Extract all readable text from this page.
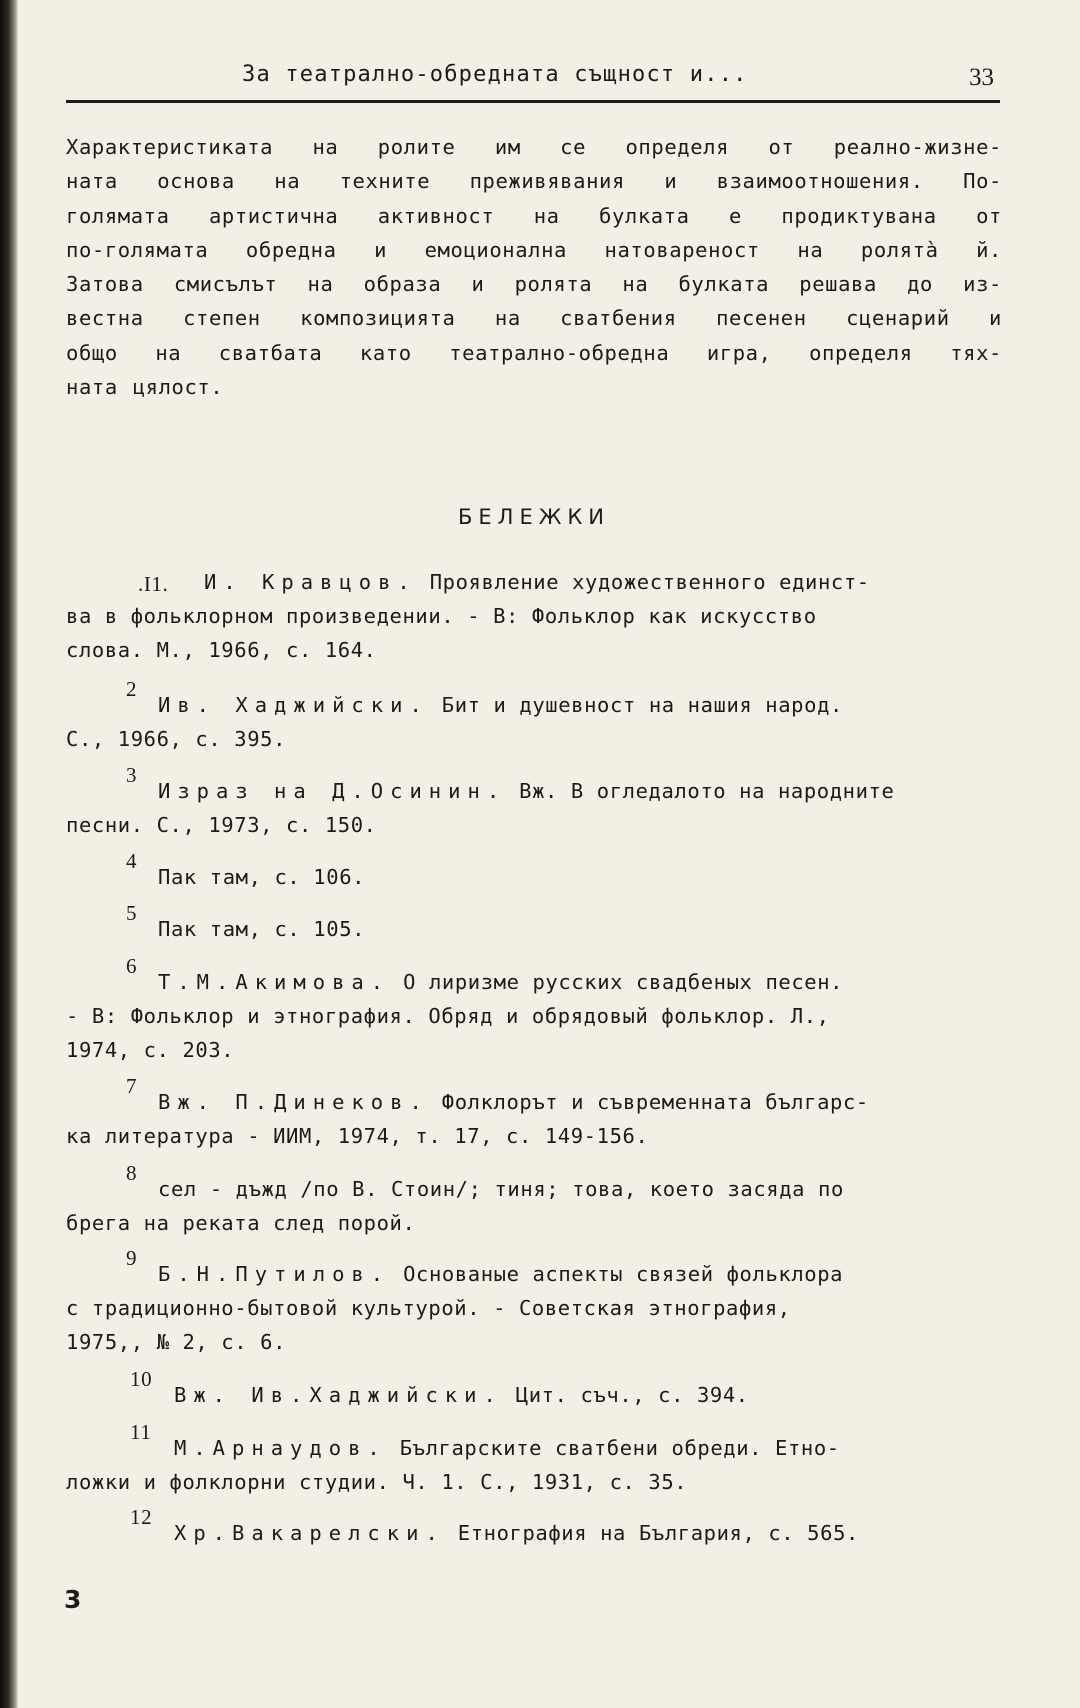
За театрално-обредната същност и...	33
Характеристиката на ролите им се определя от реално-жизне-
ната основа на техните преживявания и взаимоотношения. По-
голямата артистична активност на булката е продиктувана от
по-голямата обредна и емоционална натовареност на ролята̀ й.
Затова смисълът на образа и ролята на булката решава до из-
вестна степен композицията на сватбения песенен сценарий и
общо на сватбата като театрално-обредна игра, определя тях-
ната цялост.
БЕЛЕЖКИ
.I1. И. Кравцов. Проявление художественного единст-
ва в фольклорном произведении. - В: Фольклор как искусство
слова. М., 1966, с. 164.
2
Ив. Хаджийски. Бит и душевност на нашия народ.
С., 1966, с. 395.
3
Израз на Д.Осинин. Вж. В огледалото на народните
песни. С., 1973, с. 150.
4
Пак там, с. 106.
5
Пак там, с. 105.
6
Т.М.Акимова. О лиризме русских свадбеных песен.
- В: Фольклор и этнография. Обряд и обрядовый фольклор. Л.,
1974, с. 203.
7
Вж. П.Динеков. Фолклорът и съвременната българс-
ка литература - ИИМ, 1974, т. 17, с. 149-156.
8
сел - дъжд /по В. Стоин/; тиня; това, което засяда по
брега на реката след порой.
9
Б.Н.Путилов. Основаные аспекты связей фольклора
с традиционно-бытовой культурой. - Советская этнография,
1975,, № 2, с. 6.
10
Вж. Ив.Хаджийски. Цит. съч., с. 394.
11
М.Арнаудов. Българските сватбени обреди. Етно-
ложки и фолклорни студии. Ч. 1. С., 1931, с. 35.
12
Хр.Вакарелски. Етнография на България, с. 565.
3
